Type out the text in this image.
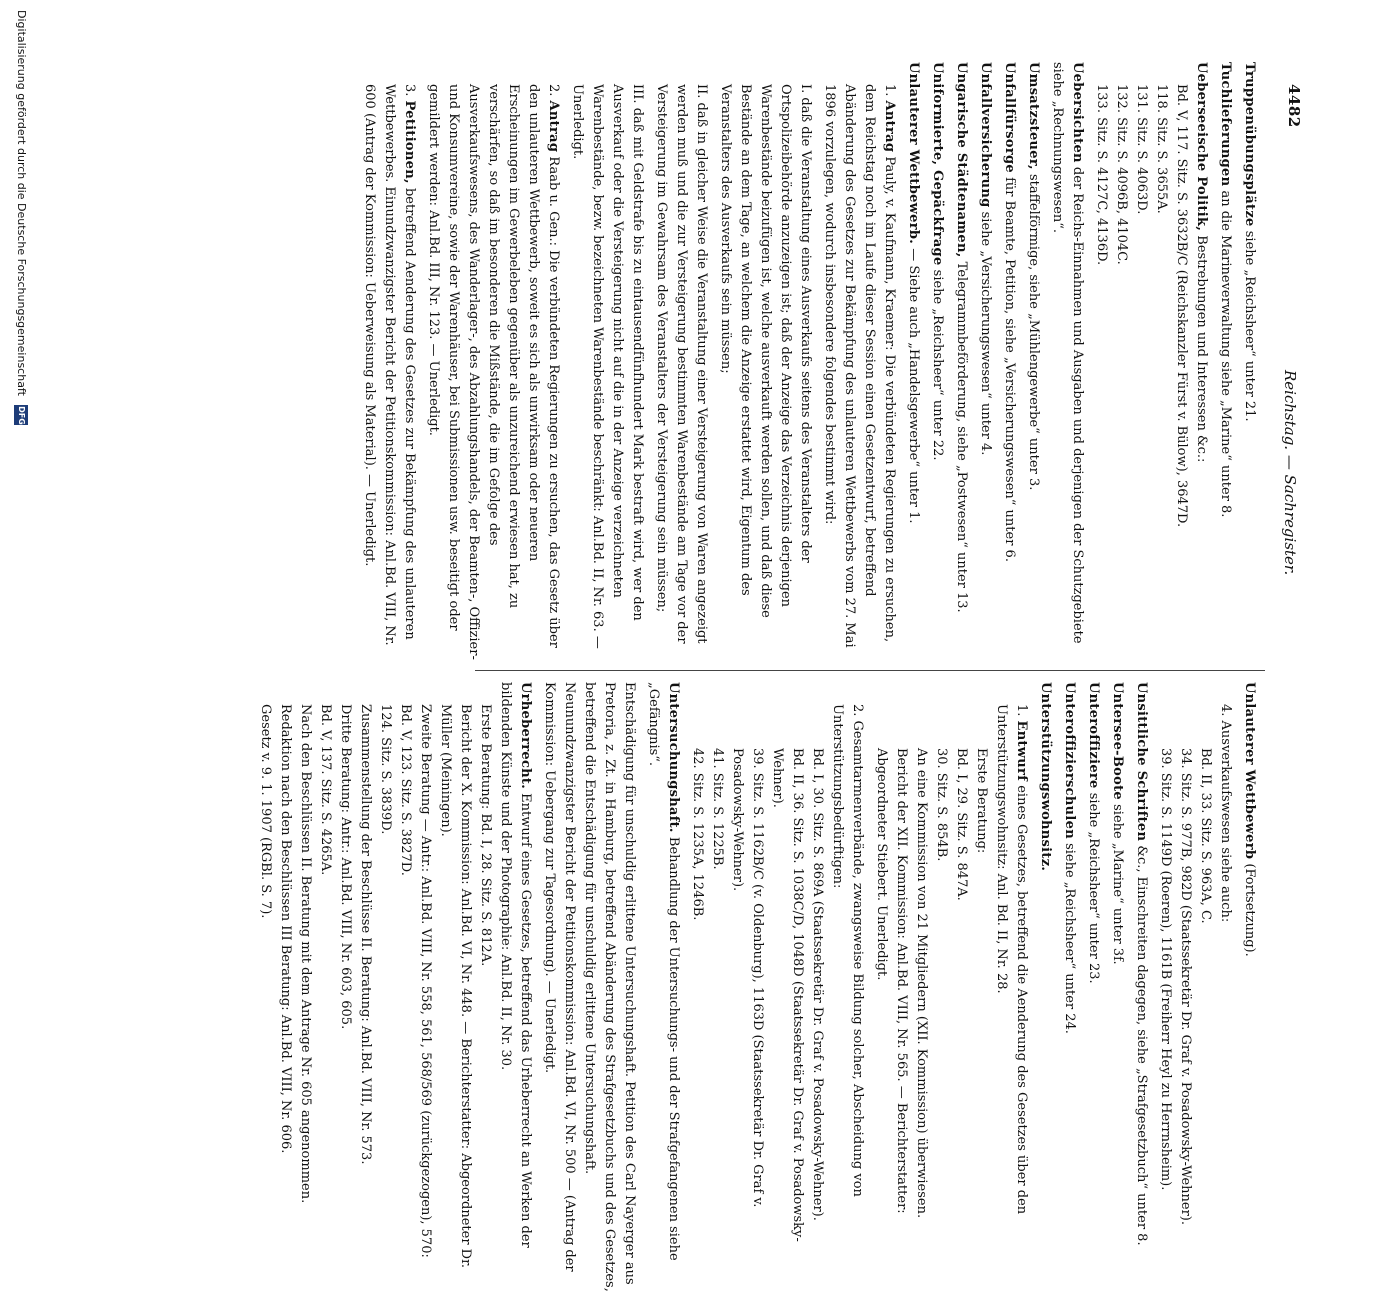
4482
Reichstag. — Sachregister.
Truppenübungsplätze siehe „Reichsheer“ unter 21.
Tuchlieferungen an die Marineverwaltung siehe „Marine“ unter 8.
Ueberseeische Politik, Bestrebungen und Interessen &c.:
Bd. V, 117. Sitz. S. 3632B/C (Reichskanzler Fürst v. Bülow), 3647D.
118. Sitz. S. 3655A.
131. Sitz. S. 4063D.
132. Sitz. S. 4096B, 4104C.
133. Sitz. S. 4127C, 4136D.
Uebersichten der Reichs-Einnahmen und Ausgaben und derjenigen der Schutzgebiete siehe „Rechnungswesen“.
Umsatzsteuer, staffelförmige, siehe „Mühlengewerbe“ unter 3.
Unfallfürsorge für Beamte, Petition, siehe „Versicherungswesen“ unter 6.
Unfallversicherung siehe „Versicherungswesen“ unter 4.
Ungarische Städtenamen, Telegrammbeförderung, siehe „Postwesen“ unter 13.
Uniformierte, Gepäckfrage siehe „Reichsheer“ unter 22.
Unlauterer Wettbewerb. — Siehe auch „Handelsgewerbe“ unter 1.
1. Antrag Pauly, v. Kaufmann, Kraemer: Die verbündeten Regierungen zu ersuchen, dem Reichstag noch im Laufe dieser Session einen Gesetzentwurf, betreffend Abänderung des Gesetzes zur Bekämpfung des unlauteren Wettbewerbs vom 27. Mai 1896 vorzulegen, wodurch insbesondere folgendes bestimmt wird:
I. daß die Veranstaltung eines Ausverkaufs seitens des Veranstalters der Ortspolizeibehörde anzuzeigen ist; daß der Anzeige das Verzeichnis derjenigen Warenbestände beizufügen ist, welche ausverkauft werden sollen, und daß diese Bestände an dem Tage, an welchem die Anzeige erstattet wird, Eigentum des Veranstalters des Ausverkaufs sein müssen;
II. daß in gleicher Weise die Veranstaltung einer Versteigerung von Waren angezeigt werden muß und die zur Versteigerung bestimmten Warenbestände am Tage vor der Versteigerung im Gewahrsam des Veranstalters der Versteigerung sein müssen;
III. daß mit Geldstrafe bis zu eintausendfünfhundert Mark bestraft wird, wer den Ausverkauf oder die Versteigerung nicht auf die in der Anzeige verzeichneten Warenbestände, bezw. bezeichneten Warenbestände beschränkt: Anl.Bd. II, Nr. 63. — Unerledigt.
2. Antrag Raab u. Gen.: Die verbündeten Regierungen zu ersuchen, das Gesetz über den unlauteren Wettbewerb, soweit es sich als unwirksam oder neueren Erscheinungen im Gewerbeleben gegenüber als unzureichend erwiesen hat, zu verschärfen, so daß im besonderen die Mißstände, die im Gefolge des Ausverkaufswesens, des Wanderlager-, des Abzahlungshandels, der Beamten-, Offizier- und Konsumvereine, sowie der Warenhäuser, bei Submissionen usw. beseitigt oder gemildert werden: Anl.Bd. III, Nr. 123. — Unerledigt.
3. Petitionen, betreffend Aenderung des Gesetzes zur Bekämpfung des unlauteren Wettbewerbes. Einundzwanzigster Bericht der Petitionskommission: Anl.Bd. VIII, Nr. 600 (Antrag der Kommission: Ueberweisung als Material). — Unerledigt.
Unlauterer Wettbewerb (Fortsetzung).
4. Ausverkaufswesen siehe auch:
Bd. II, 33. Sitz. S. 963A, C.
34. Sitz. S. 977B, 982D (Staatssekretär Dr. Graf v. Posadowsky-Wehner).
39. Sitz. S. 1149D (Roeren), 1161B (Freiherr Heyl zu Herrnsheim).
Unsittliche Schriften &c., Einschreiten dagegen, siehe „Strafgesetzbuch“ unter 8.
Untersee-Boote siehe „Marine“ unter 3f.
Unteroffiziere siehe „Reichsheer“ unter 23.
Unteroffizierschulen siehe „Reichsheer“ unter 24.
Unterstützungswohnsitz.
1. Entwurf eines Gesetzes, betreffend die Aenderung des Gesetzes über den Unterstützungswohnsitz: Anl. Bd. II, Nr. 28.
Erste Beratung:
Bd. I, 29. Sitz. S. 847A.
30. Sitz. S. 854B.
An eine Kommission von 21 Mitgliedern (XII. Kommission) überwiesen.
Bericht der XII. Kommission: Anl.Bd. VIII, Nr. 565. — Berichterstatter: Abgeordneter Stiebert. Unerledigt.
2. Gesamtarmenverbände, zwangsweise Bildung solcher, Abscheidung von Unterstützungsbedürftigen:
Bd. I, 30. Sitz. S. 869A (Staatssekretär Dr. Graf v. Posadowsky-Wehner).
Bd. II, 36. Sitz. S. 1038C/D, 1048D (Staatssekretär Dr. Graf v. Posadowsky-Wehner).
39. Sitz. S. 1162B/C (v. Oldenburg), 1163D (Staatssekretär Dr. Graf v. Posadowsky-Wehner).
41. Sitz. S. 1225B.
42. Sitz. S. 1235A, 1246B.
Untersuchungshaft. Behandlung der Untersuchungs- und der Strafgefangenen siehe „Gefängnis“.
Entschädigung für unschuldig erlittene Untersuchungshaft. Petition des Carl Nayerger aus Pretoria, z. Zt. in Hamburg, betreffend Abänderung des Strafgesetzbuchs und des Gesetzes, betreffend die Entschädigung für unschuldig erlittene Untersuchungshaft. Neunundzwanzigster Bericht der Petitionskommission: Anl.Bd. VI, Nr. 500 — (Antrag der Kommission: Uebergang zur Tagesordnung). — Unerledigt.
Urheberrecht. Entwurf eines Gesetzes, betreffend das Urheberrecht an Werken der bildenden Künste und der Photographie: Anl.Bd. II, Nr. 30.
Erste Beratung: Bd. I, 28. Sitz. S. 812A.
Bericht der X. Kommission: Anl.Bd. VI, Nr. 448. — Berichterstatter: Abgeordneter Dr. Müller (Meiningen).
Zweite Beratung — Antr.: Anl.Bd. VIII, Nr. 558, 561, 568/569 (zurückgezogen), 570:
Bd. V, 123. Sitz. S. 3827D.
124. Sitz. S. 3839D.
Zusammenstellung der Beschlüsse II. Beratung: Anl.Bd. VIII, Nr. 573.
Dritte Beratung: Antr.: Anl.Bd. VIII, Nr. 603, 605.
Bd. V, 137. Sitz. S. 4265A.
Nach den Beschlüssen II. Beratung mit dem Antrage Nr. 605 angenommen.
Redaktion nach den Beschlüssen III Beratung: Anl.Bd. VIII, Nr. 606.
Gesetz v. 9. 1. 1907 (RGBl. S. 7).
Digitalisierung gefördert durch die Deutsche Forschungsgemeinschaft DFG
